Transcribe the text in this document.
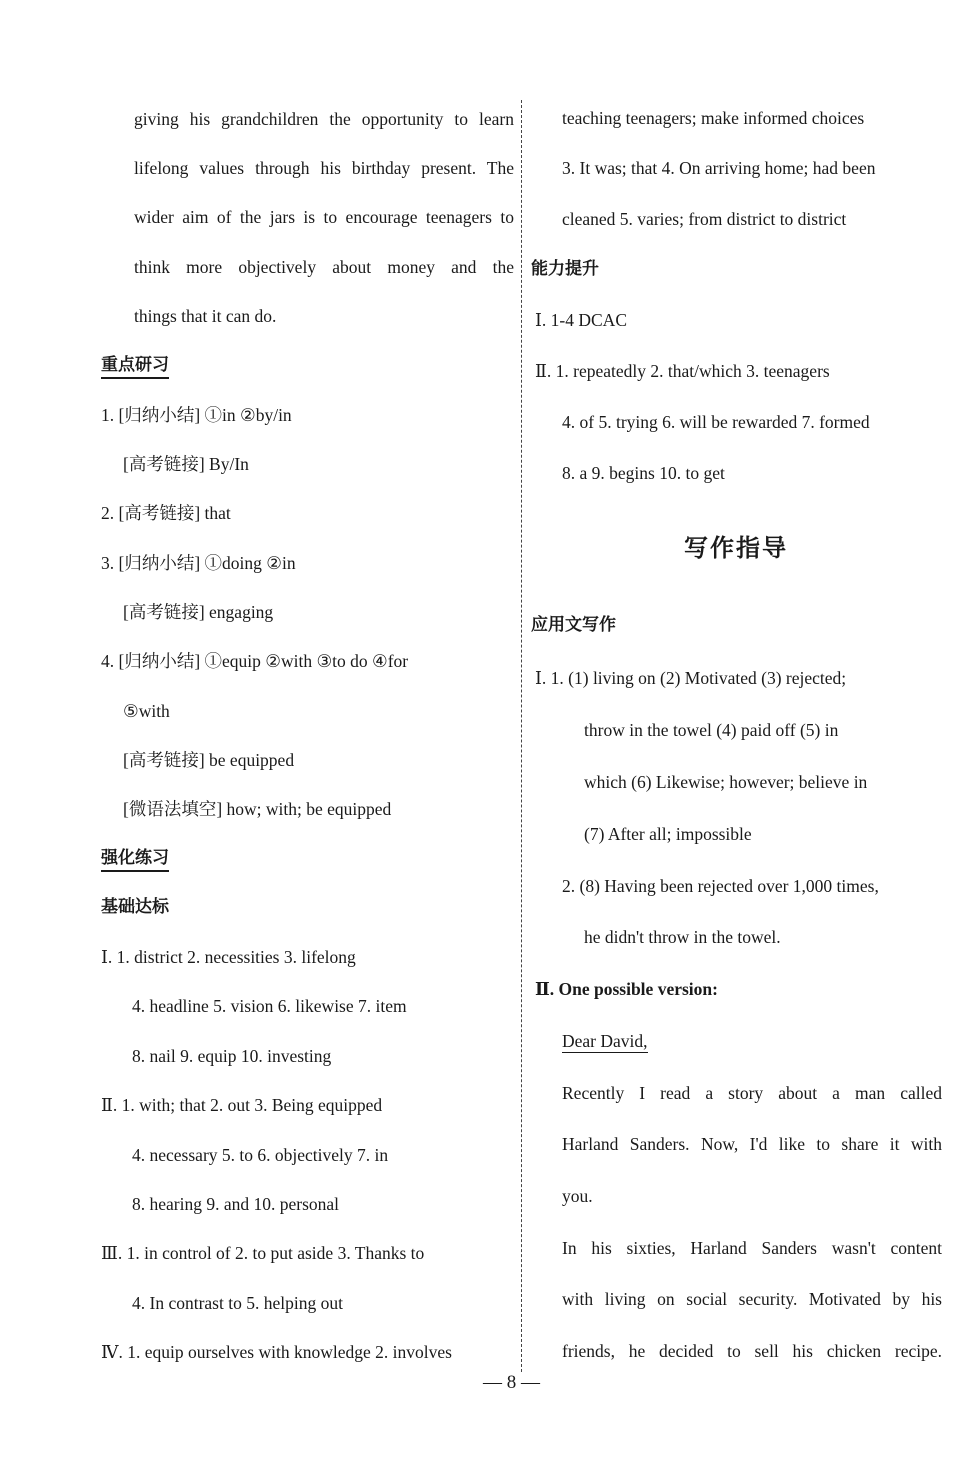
giving his grandchildren the opportunity to learn
lifelong values through his birthday present. The
wider aim of the jars is to encourage teenagers to
think more objectively about money and the
things that it can do.
重点研习
1. [归纳小结] ①in ②by/in
[高考链接] By/In
2. [高考链接] that
3. [归纳小结] ①doing ②in
[高考链接] engaging
4. [归纳小结] ①equip ②with ③to do ④for
⑤with
[高考链接] be equipped
[微语法填空] how; with; be equipped
强化练习
基础达标
Ⅰ. 1. district 2. necessities 3. lifelong
4. headline 5. vision 6. likewise 7. item
8. nail 9. equip 10. investing
Ⅱ. 1. with; that 2. out 3. Being equipped
4. necessary 5. to 6. objectively 7. in
8. hearing 9. and 10. personal
Ⅲ. 1. in control of 2. to put aside 3. Thanks to
4. In contrast to 5. helping out
Ⅳ. 1. equip ourselves with knowledge 2. involves
teaching teenagers; make informed choices
3. It was; that 4. On arriving home; had been
cleaned 5. varies; from district to district
能力提升
Ⅰ. 1-4 DCAC
Ⅱ. 1. repeatedly 2. that/which 3. teenagers
4. of 5. trying 6. will be rewarded 7. formed
8. a 9. begins 10. to get
写作指导
应用文写作
Ⅰ. 1. (1) living on (2) Motivated (3) rejected;
throw in the towel (4) paid off (5) in
which (6) Likewise; however; believe in
(7) After all; impossible
2. (8) Having been rejected over 1,000 times,
he didn't throw in the towel.
Ⅱ. One possible version:
Dear David,
Recently I read a story about a man called
Harland Sanders. Now, I'd like to share it with
you.
In his sixties, Harland Sanders wasn't content
with living on social security. Motivated by his
friends, he decided to sell his chicken recipe.
— 8 —
